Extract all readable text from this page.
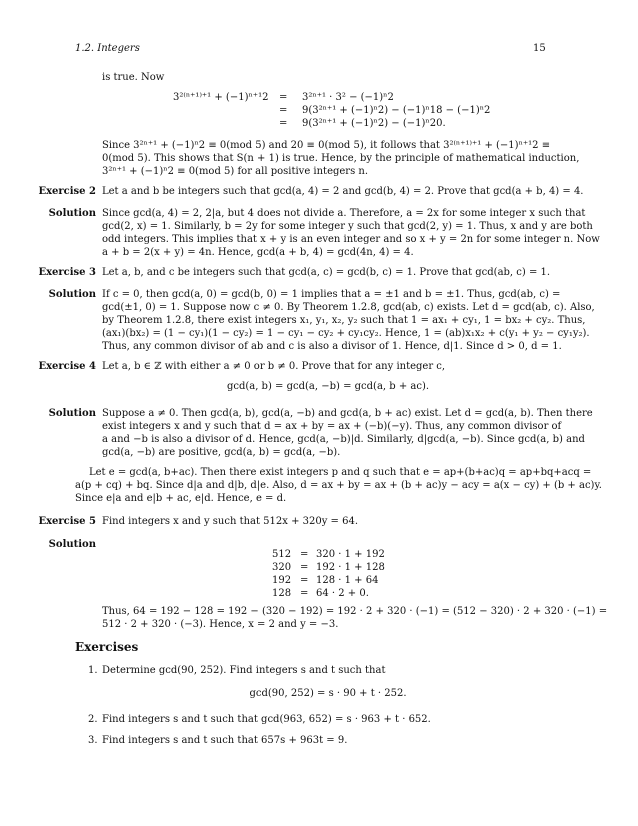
1.2. Integers	15
is true. Now
3²⁽ⁿ⁺¹⁾⁺¹ + (−1)ⁿ⁺¹2 = 3²ⁿ⁺¹ · 3² − (−1)ⁿ2
= 9(3²ⁿ⁺¹ + (−1)ⁿ2) − (−1)ⁿ18 − (−1)ⁿ2
= 9(3²ⁿ⁺¹ + (−1)ⁿ2) − (−1)ⁿ20.
Since 3²ⁿ⁺¹ + (−1)ⁿ2 ≡ 0(mod 5) and 20 ≡ 0(mod 5), it follows that 3²⁽ⁿ⁺¹⁾⁺¹ + (−1)ⁿ⁺¹2 ≡
0(mod 5). This shows that S(n + 1) is true. Hence, by the principle of mathematical induction,
3²ⁿ⁺¹ + (−1)ⁿ2 ≡ 0(mod 5) for all positive integers n.
Exercise 2 Let a and b be integers such that gcd(a, 4) = 2 and gcd(b, 4) = 2. Prove that gcd(a + b, 4) = 4.
Solution Since gcd(a, 4) = 2, 2|a, but 4 does not divide a. Therefore, a = 2x for some integer x such that
gcd(2, x) = 1. Similarly, b = 2y for some integer y such that gcd(2, y) = 1. Thus, x and y are both
odd integers. This implies that x + y is an even integer and so x + y = 2n for some integer n. Now
a + b = 2(x + y) = 4n. Hence, gcd(a + b, 4) = gcd(4n, 4) = 4.
Exercise 3 Let a, b, and c be integers such that gcd(a, c) = gcd(b, c) = 1. Prove that gcd(ab, c) = 1.
Solution If c = 0, then gcd(a, 0) = gcd(b, 0) = 1 implies that a = ±1 and b = ±1. Thus, gcd(ab, c) =
gcd(±1, 0) = 1. Suppose now c ≠ 0. By Theorem 1.2.8, gcd(ab, c) exists. Let d = gcd(ab, c). Also,
by Theorem 1.2.8, there exist integers x₁, y₁, x₂, y₂ such that 1 = ax₁ + cy₁, 1 = bx₂ + cy₂. Thus,
(ax₁)(bx₂) = (1 − cy₁)(1 − cy₂) = 1 − cy₁ − cy₂ + cy₁cy₂. Hence, 1 = (ab)x₁x₂ + c(y₁ + y₂ − cy₁y₂).
Thus, any common divisor of ab and c is also a divisor of 1. Hence, d|1. Since d > 0, d = 1.
Exercise 4 Let a, b ∈ ℤ with either a ≠ 0 or b ≠ 0. Prove that for any integer c,
gcd(a, b) = gcd(a, −b) = gcd(a, b + ac).
Solution Suppose a ≠ 0. Then gcd(a, b), gcd(a, −b) and gcd(a, b + ac) exist. Let d = gcd(a, b). Then there
exist integers x and y such that d = ax + by = ax + (−b)(−y). Thus, any common divisor of
a and −b is also a divisor of d. Hence, gcd(a, −b)|d. Similarly, d|gcd(a, −b). Since gcd(a, b) and
gcd(a, −b) are positive, gcd(a, b) = gcd(a, −b).
Let e = gcd(a, b+ac). Then there exist integers p and q such that e = ap+(b+ac)q = ap+bq+acq =
a(p + cq) + bq. Since d|a and d|b, d|e. Also, d = ax + by = ax + (b + ac)y − acy = a(x − cy) + (b + ac)y.
Since e|a and e|b + ac, e|d. Hence, e = d.
Exercise 5 Find integers x and y such that 512x + 320y = 64.
Solution
512 = 320 · 1 + 192
320 = 192 · 1 + 128
192 = 128 · 1 + 64
128 = 64 · 2 + 0.
Thus, 64 = 192 − 128 = 192 − (320 − 192) = 192 · 2 + 320 · (−1) = (512 − 320) · 2 + 320 · (−1) =
512 · 2 + 320 · (−3). Hence, x = 2 and y = −3.
Exercises
1. Determine gcd(90, 252). Find integers s and t such that
gcd(90, 252) = s · 90 + t · 252.
2. Find integers s and t such that gcd(963, 652) = s · 963 + t · 652.
3. Find integers s and t such that 657s + 963t = 9.
